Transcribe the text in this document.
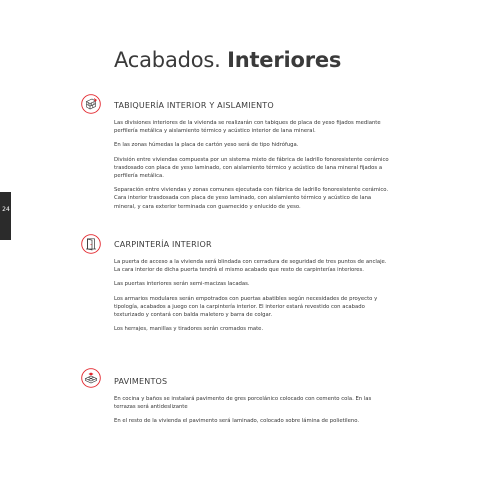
Acabados. Interiores
24
TABIQUERÍA INTERIOR Y AISLAMIENTO

Las divisiones interiores de la vivienda se realizarán con tabiques de placa de yeso fijados mediante perfilería metálica y aislamiento térmico y acústico interior de lana mineral.

En las zonas húmedas la placa de cartón yeso será de tipo hidrófuga.

División entre viviendas compuesta por un sistema mixto de fábrica de ladrillo fonoresistente cerámico trasdosado con placa de yeso laminado, con aislamiento térmico y acústico de lana mineral fijados a perfilería metálica.

Separación entre viviendas y zonas comunes ejecutada con fábrica de ladrillo fonoresistente cerámico. Cara interior trasdosada con placa de yeso laminado, con aislamiento térmico y acústico de lana mineral, y cara exterior terminada con guarnecido y enlucido de yeso.

CARPINTERÍA INTERIOR

La puerta de acceso a la vivienda será blindada con cerradura de seguridad de tres puntos de anclaje. La cara interior de dicha puerta tendrá el mismo acabado que resto de carpinterías interiores.

Las puertas interiores serán semi-macizas lacadas.

Los armarios modulares serán empotrados con puertas abatibles según necesidades de proyecto y tipología, acabados a juego con la carpintería interior. El interior estará revestido con acabado texturizado y contará con balda maletero y barra de colgar.

Los herrajes, manillas y tiradores serán cromados mate.

PAVIMENTOS

En cocina y baños se instalará pavimento de gres porcelánico colocado con cemento cola. En las terrazas será antideslizante

En el resto de la vivienda el pavimento será laminado, colocado sobre lámina de polietileno.
